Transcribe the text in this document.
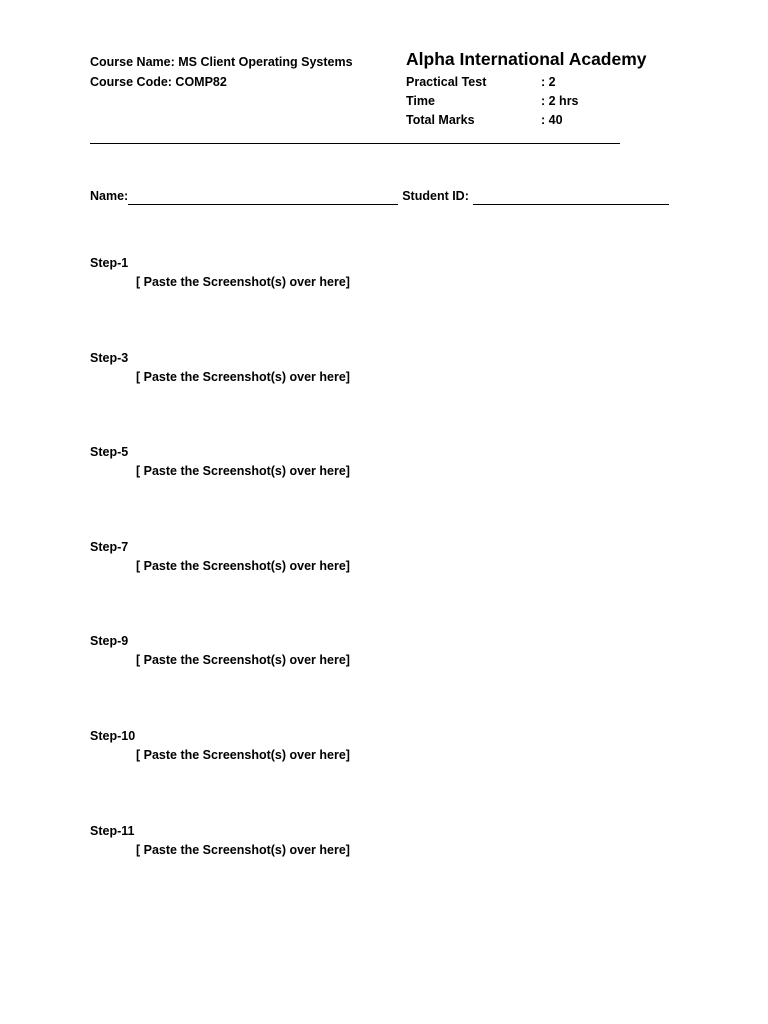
Course Name: MS Client Operating Systems
Course Code: COMP82
Alpha International Academy
Practical Test	: 2
Time	: 2 hrs
Total Marks	: 40
Name:	Student ID:
Step-1
[ Paste the Screenshot(s) over here]
Step-3
[ Paste the Screenshot(s) over here]
Step-5
[ Paste the Screenshot(s) over here]
Step-7
[ Paste the Screenshot(s) over here]
Step-9
[ Paste the Screenshot(s) over here]
Step-10
[ Paste the Screenshot(s) over here]
Step-11
[ Paste the Screenshot(s) over here]
